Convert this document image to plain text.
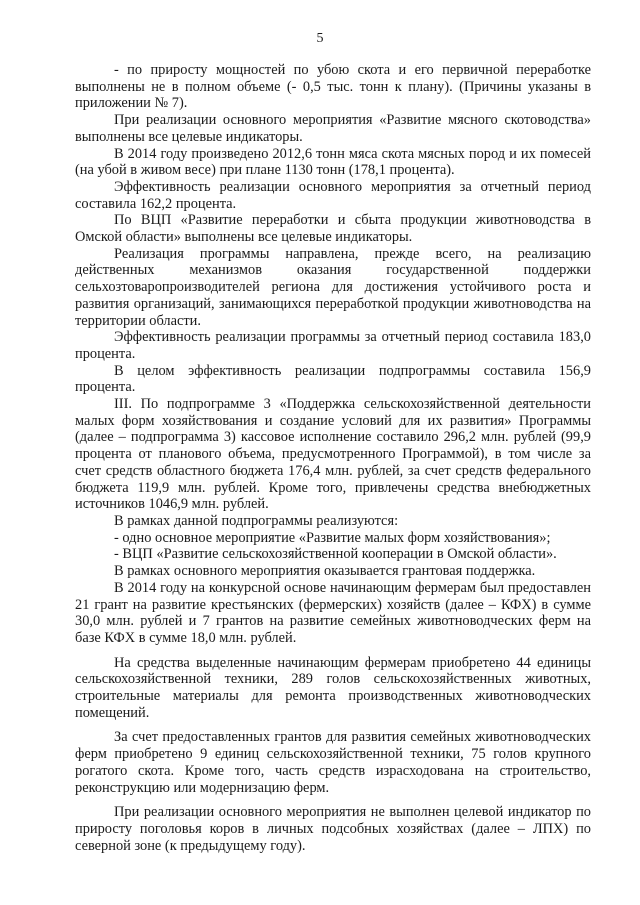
5

- по приросту мощностей по убою скота и его первичной переработке выполнены не в полном объеме (- 0,5 тыс. тонн к плану). (Причины указаны в приложении № 7).

При реализации основного мероприятия «Развитие мясного скотоводства» выполнены все целевые индикаторы.

В 2014 году произведено 2012,6 тонн мяса скота мясных пород и их помесей (на убой в живом весе) при плане 1130 тонн (178,1 процента).

Эффективность реализации основного мероприятия за отчетный период составила 162,2 процента.

По ВЦП «Развитие переработки и сбыта продукции животноводства в Омской области» выполнены все целевые индикаторы.

Реализация программы направлена, прежде всего, на реализацию действенных механизмов оказания государственной поддержки сельхозтоваропроизводителей региона для достижения устойчивого роста и развития организаций, занимающихся переработкой продукции животноводства на территории области.

Эффективность реализации программы за отчетный период составила 183,0 процента.

В целом эффективность реализации подпрограммы составила 156,9 процента.

III. По подпрограмме 3 «Поддержка сельскохозяйственной деятельности малых форм хозяйствования и создание условий для их развития» Программы (далее – подпрограмма 3) кассовое исполнение составило 296,2 млн. рублей (99,9 процента от планового объема, предусмотренного Программой), в том числе за счет средств областного бюджета 176,4 млн. рублей, за счет средств федерального бюджета 119,9 млн. рублей. Кроме того, привлечены средства внебюджетных источников 1046,9 млн. рублей.

В рамках данной подпрограммы реализуются:

- одно основное мероприятие «Развитие малых форм хозяйствования»;

- ВЦП «Развитие сельскохозяйственной кооперации в Омской области».

В рамках основного мероприятия оказывается грантовая поддержка.

В 2014 году на конкурсной основе начинающим фермерам был предоставлен 21 грант на развитие крестьянских (фермерских) хозяйств (далее – КФХ) в сумме 30,0 млн. рублей и 7 грантов на развитие семейных животноводческих ферм на базе КФХ в сумме 18,0 млн. рублей.

На средства выделенные начинающим фермерам приобретено 44 единицы сельскохозяйственной техники, 289 голов сельскохозяйственных животных, строительные материалы для ремонта производственных животноводческих помещений.

За счет предоставленных грантов для развития семейных животноводческих ферм приобретено 9 единиц сельскохозяйственной техники, 75 голов крупного рогатого скота. Кроме того, часть средств израсходована на строительство, реконструкцию или модернизацию ферм.

При реализации основного мероприятия не выполнен целевой индикатор по приросту поголовья коров в личных подсобных хозяйствах (далее – ЛПХ) по северной зоне (к предыдущему году).
